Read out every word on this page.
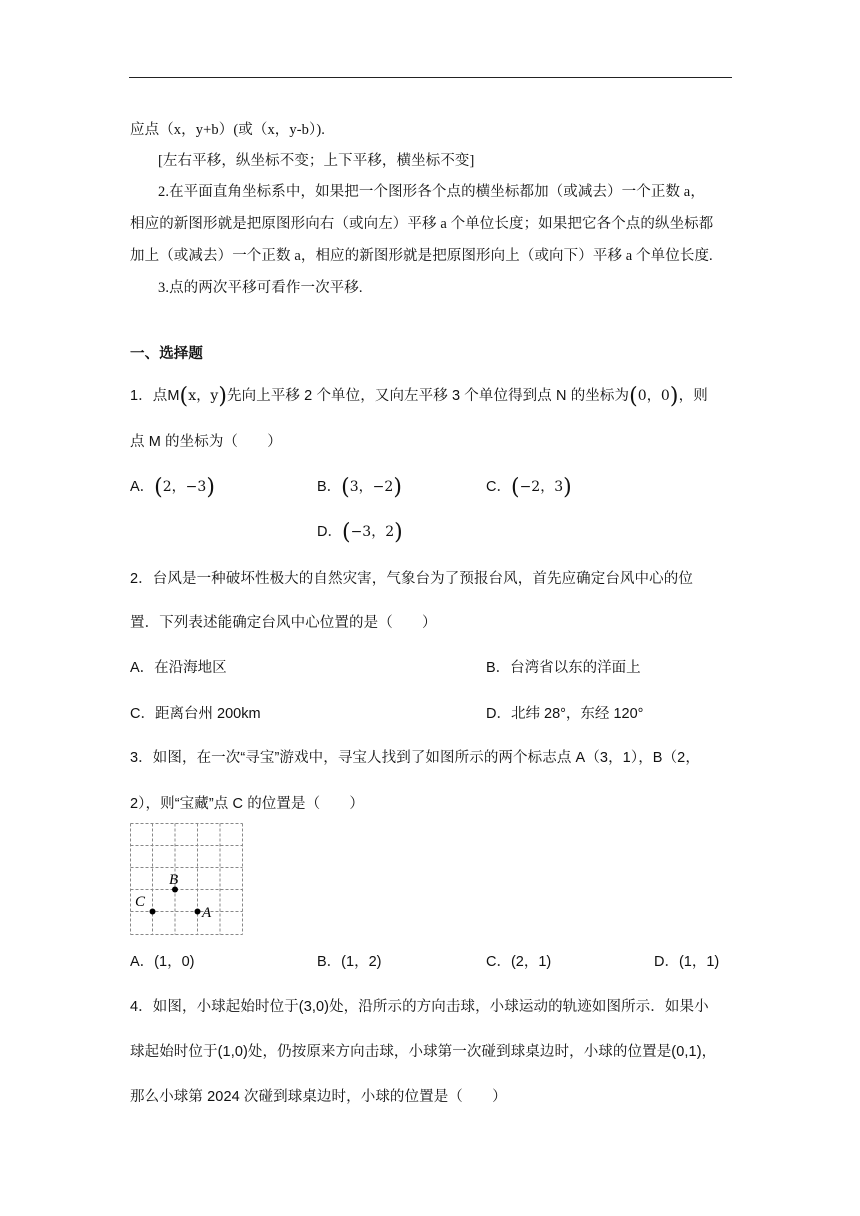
应点（x，y+b）(或（x，y-b）).
[左右平移，纵坐标不变；上下平移，横坐标不变]
2.在平面直角坐标系中，如果把一个图形各个点的横坐标都加（或减去）一个正数 a，
相应的新图形就是把原图形向右（或向左）平移 a 个单位长度；如果把它各个点的纵坐标都
加上（或减去）一个正数 a，相应的新图形就是把原图形向上（或向下）平移 a 个单位长度.
3.点的两次平移可看作一次平移.
一、选择题
1．点M(x，y)先向上平移 2 个单位，又向左平移 3 个单位得到点 N 的坐标为(0，0)，则
点 M 的坐标为（　　）
A．(2，−3)	B．(3，−2)	C．(−2，3)
D．(−3，2)
2．台风是一种破坏性极大的自然灾害，气象台为了预报台风，首先应确定台风中心的位
置．下列表述能确定台风中心位置的是（　　）
A．在沿海地区	B．台湾省以东的洋面上
C．距离台州 200km	D．北纬 28°，东经 120°
3．如图，在一次“寻宝”游戏中，寻宝人找到了如图所示的两个标志点 A（3，1），B（2，
2），则“宝藏”点 C 的位置是（　　）
B
C
A
A．(1，0)	B．(1，2)	C．(2，1)	D．(1，1)
4．如图，小球起始时位于(3,0)处，沿所示的方向击球，小球运动的轨迹如图所示．如果小
球起始时位于(1,0)处，仍按原来方向击球，小球第一次碰到球桌边时，小球的位置是(0,1)，
那么小球第 2024 次碰到球桌边时，小球的位置是（　　）
